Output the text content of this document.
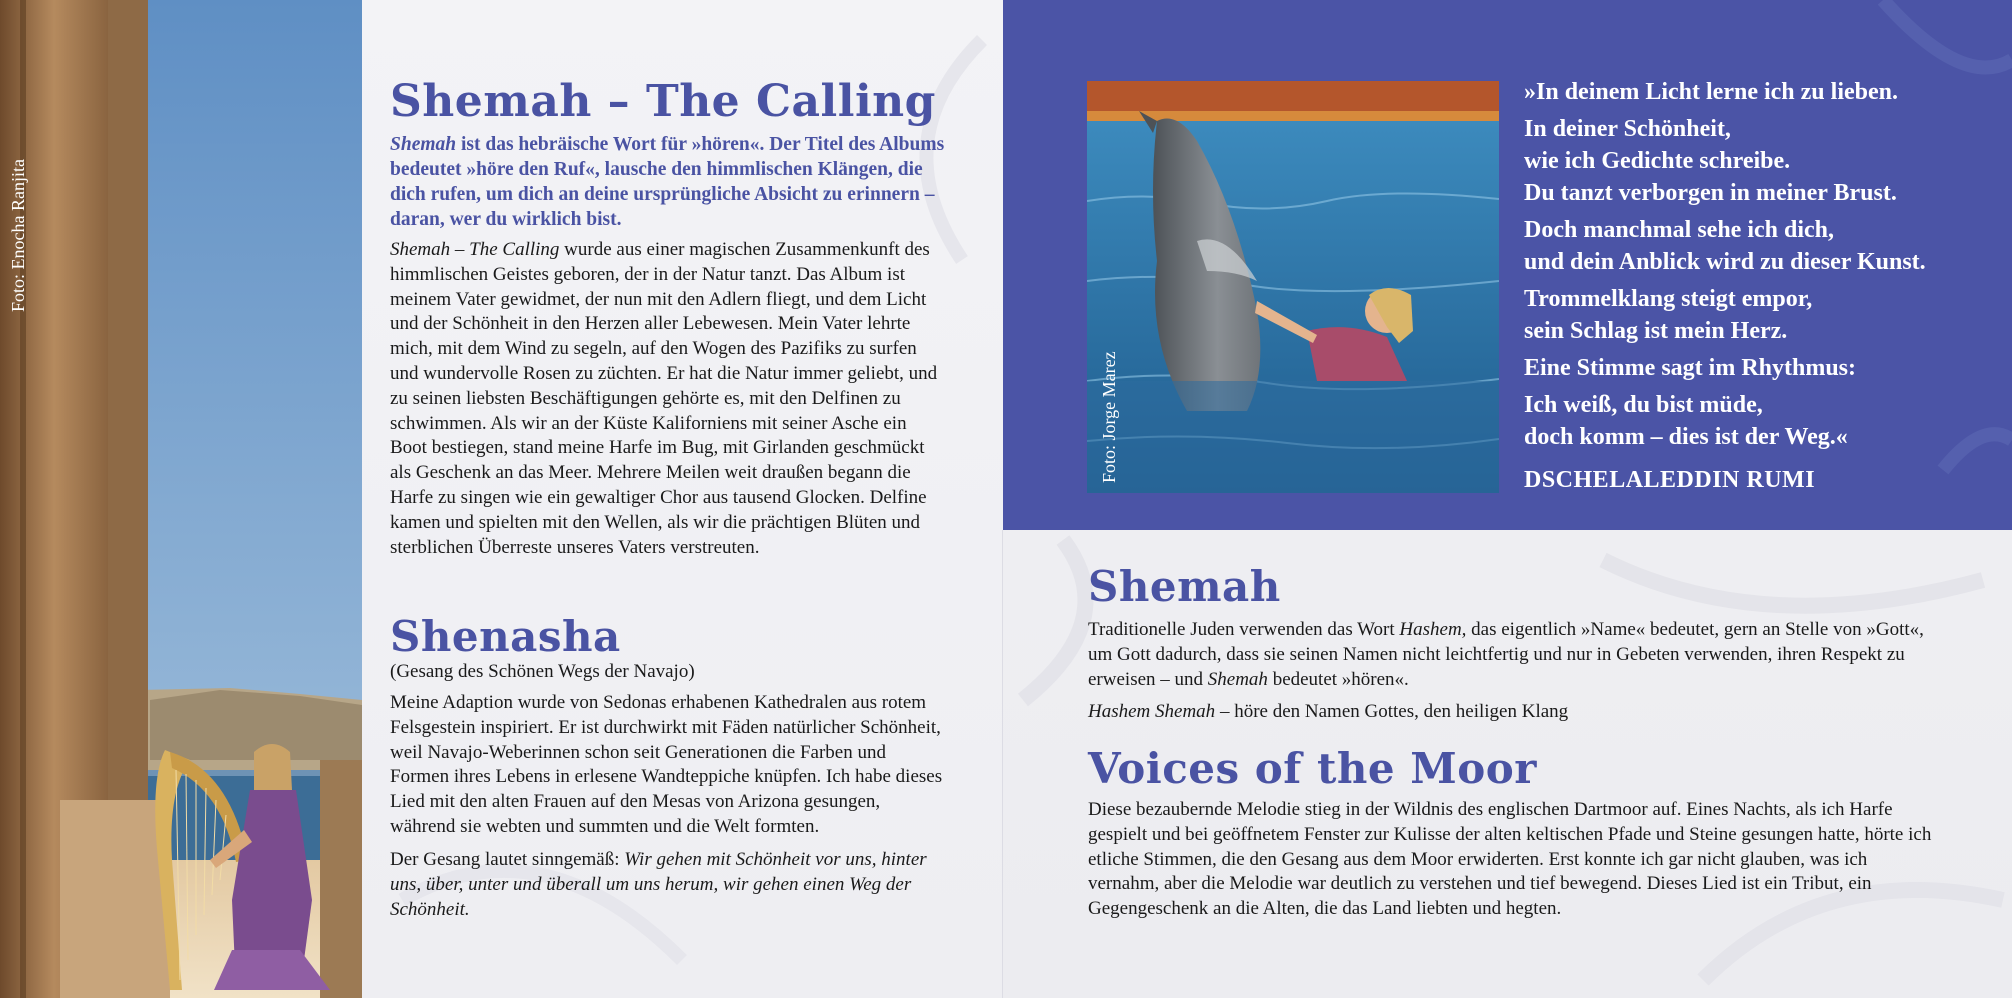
Foto: Enocha Ranjita
Shemah – The Calling

Shemah ist das hebräische Wort für »hören«. Der Titel des Albums bedeutet »höre den Ruf«, lausche den himmlischen Klängen, die dich rufen, um dich an deine ursprüngliche Absicht zu erinnern – daran, wer du wirklich bist.

Shemah – The Calling wurde aus einer magischen Zusammenkunft des himmlischen Geistes geboren, der in der Natur tanzt. Das Album ist meinem Vater gewidmet, der nun mit den Adlern fliegt, und dem Licht und der Schönheit in den Herzen aller Lebewesen. Mein Vater lehrte mich, mit dem Wind zu segeln, auf den Wogen des Pazifiks zu surfen und wundervolle Rosen zu züchten. Er hat die Natur immer geliebt, und zu seinen liebsten Beschäftigungen gehörte es, mit den Delfinen zu schwimmen. Als wir an der Küste Kaliforniens mit seiner Asche ein Boot bestiegen, stand meine Harfe im Bug, mit Girlanden geschmückt als Geschenk an das Meer. Mehrere Meilen weit draußen begann die Harfe zu singen wie ein gewaltiger Chor aus tausend Glocken. Delfine kamen und spielten mit den Wellen, als wir die prächtigen Blüten und sterblichen Überreste unseres Vaters verstreuten.

Shenasha

(Gesang des Schönen Wegs der Navajo)

Meine Adaption wurde von Sedonas erhabenen Kathedralen aus rotem Felsgestein inspiriert. Er ist durchwirkt mit Fäden natürlicher Schönheit, weil Navajo-Weberinnen schon seit Generationen die Farben und Formen ihres Lebens in erlesene Wandteppiche knüpfen. Ich habe dieses Lied mit den alten Frauen auf den Mesas von Arizona gesungen, während sie webten und summten und die Welt formten.

Der Gesang lautet sinngemäß: Wir gehen mit Schönheit vor uns, hinter uns, über, unter und überall um uns herum, wir gehen einen Weg der Schönheit.

Foto: Jorge Marez

»In deinem Licht lerne ich zu lieben.

In deiner Schönheit,
wie ich Gedichte schreibe.
Du tanzt verborgen in meiner Brust.

Doch manchmal sehe ich dich,
und dein Anblick wird zu dieser Kunst.

Trommelklang steigt empor,
sein Schlag ist mein Herz.

Eine Stimme sagt im Rhythmus:

Ich weiß, du bist müde,
doch komm – dies ist der Weg.«

DSCHELALEDDIN RUMI

Shemah

Traditionelle Juden verwenden das Wort Hashem, das eigentlich »Name« bedeutet, gern an Stelle von »Gott«, um Gott dadurch, dass sie seinen Namen nicht leichtfertig und nur in Gebeten verwenden, ihren Respekt zu erweisen – und Shemah bedeutet »hören«.

Hashem Shemah – höre den Namen Gottes, den heiligen Klang

Voices of the Moor

Diese bezaubernde Melodie stieg in der Wildnis des englischen Dartmoor auf. Eines Nachts, als ich Harfe gespielt und bei geöffnetem Fenster zur Kulisse der alten keltischen Pfade und Steine gesungen hatte, hörte ich etliche Stimmen, die den Gesang aus dem Moor erwiderten. Erst konnte ich gar nicht glauben, was ich vernahm, aber die Melodie war deutlich zu verstehen und tief bewegend. Dieses Lied ist ein Tribut, ein Gegengeschenk an die Alten, die das Land liebten und hegten.
